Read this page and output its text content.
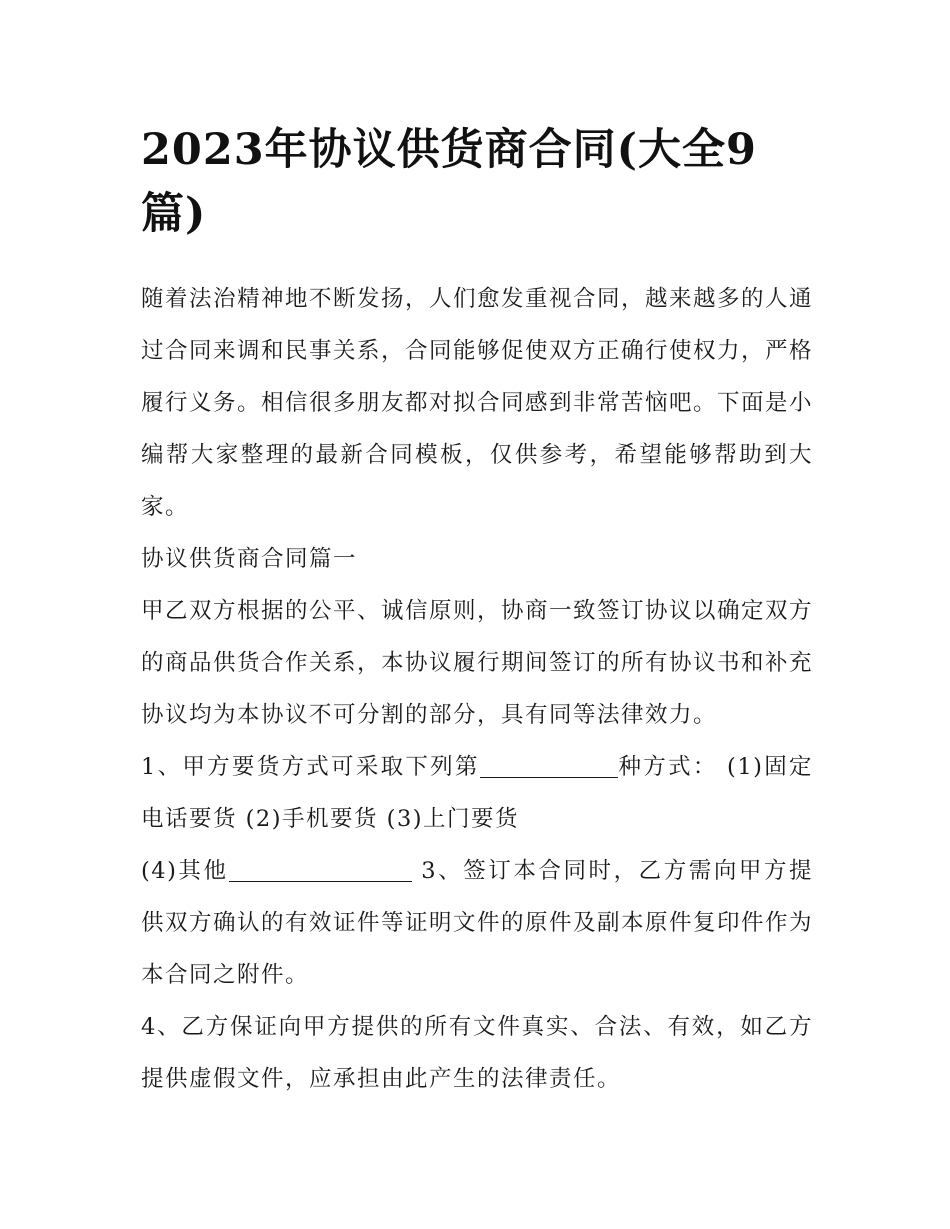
2023年协议供货商合同(大全9篇)

随着法治精神地不断发扬，人们愈发重视合同，越来越多的人通过合同来调和民事关系，合同能够促使双方正确行使权力，严格履行义务。相信很多朋友都对拟合同感到非常苦恼吧。下面是小编帮大家整理的最新合同模板，仅供参考，希望能够帮助到大家。

协议供货商合同篇一

甲乙双方根据的公平、诚信原则，协商一致签订协议以确定双方的商品供货合作关系，本协议履行期间签订的所有协议书和补充协议均为本协议不可分割的部分，具有同等法律效力。

1、甲方要货方式可采取下列第	种方式： (1)固定电话要货 (2)手机要货 (3)上门要货

(4)其他	3、签订本合同时，乙方需向甲方提供双方确认的有效证件等证明文件的原件及副本原件复印件作为本合同之附件。

4、乙方保证向甲方提供的所有文件真实、合法、有效，如乙方提供虚假文件，应承担由此产生的法律责任。
